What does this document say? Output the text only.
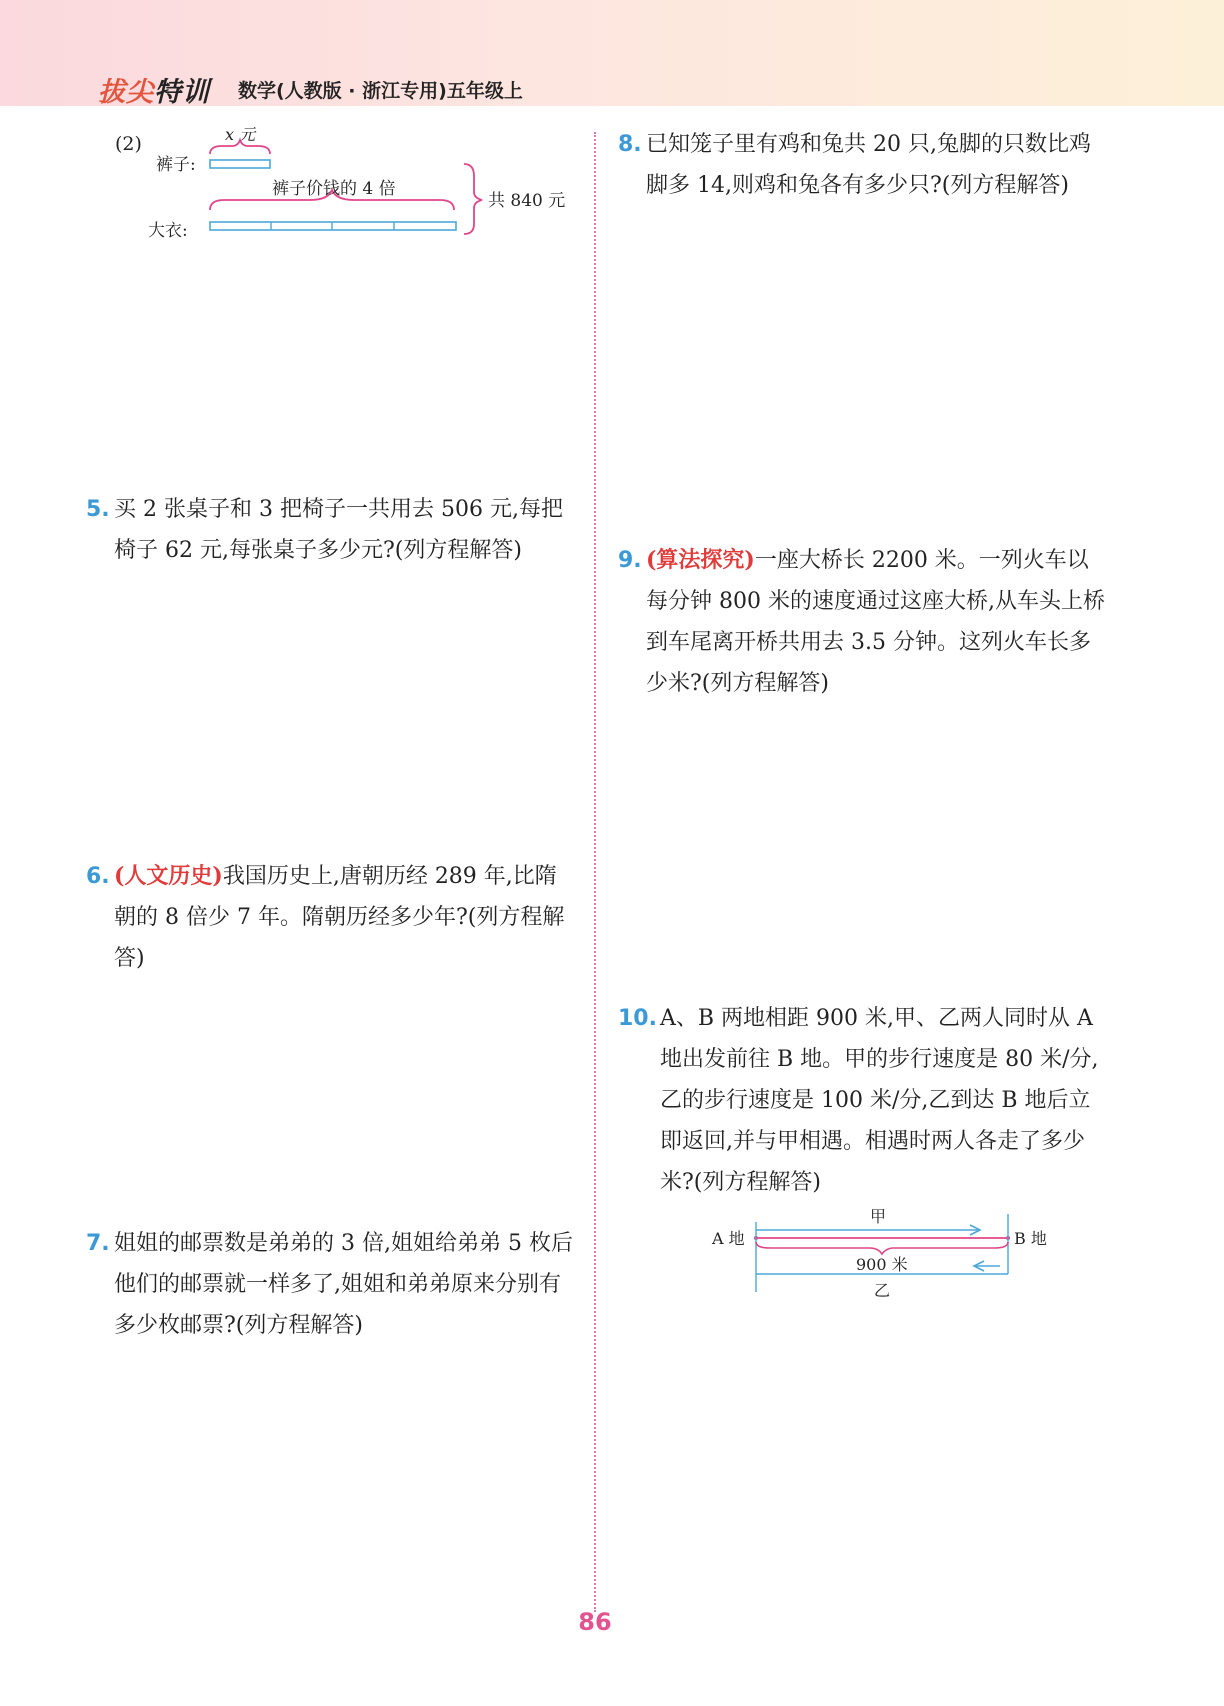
拔尖特训 数学(人教版 · 浙江专用)五年级上
(2)	x 元
裤子:
裤子价钱的 4 倍
大衣:
共 840 元
5. 买 2 张桌子和 3 把椅子一共用去 506 元,每把椅子 62 元,每张桌子多少元?(列方程解答)
6. (人文历史)我国历史上,唐朝历经 289 年,比隋朝的 8 倍少 7 年。隋朝历经多少年?(列方程解答)
7. 姐姐的邮票数是弟弟的 3 倍,姐姐给弟弟 5 枚后他们的邮票就一样多了,姐姐和弟弟原来分别有多少枚邮票?(列方程解答)
8. 已知笼子里有鸡和兔共 20 只,兔脚的只数比鸡脚多 14,则鸡和兔各有多少只?(列方程解答)
9. (算法探究)一座大桥长 2200 米。一列火车以每分钟 800 米的速度通过这座大桥,从车头上桥到车尾离开桥共用去 3.5 分钟。这列火车长多少米?(列方程解答)
10. A、B 两地相距 900 米,甲、乙两人同时从 A 地出发前往 B 地。甲的步行速度是 80 米/分,乙的步行速度是 100 米/分,乙到达 B 地后立即返回,并与甲相遇。相遇时两人各走了多少米?(列方程解答)
甲
A 地	B 地
900 米
乙
86
